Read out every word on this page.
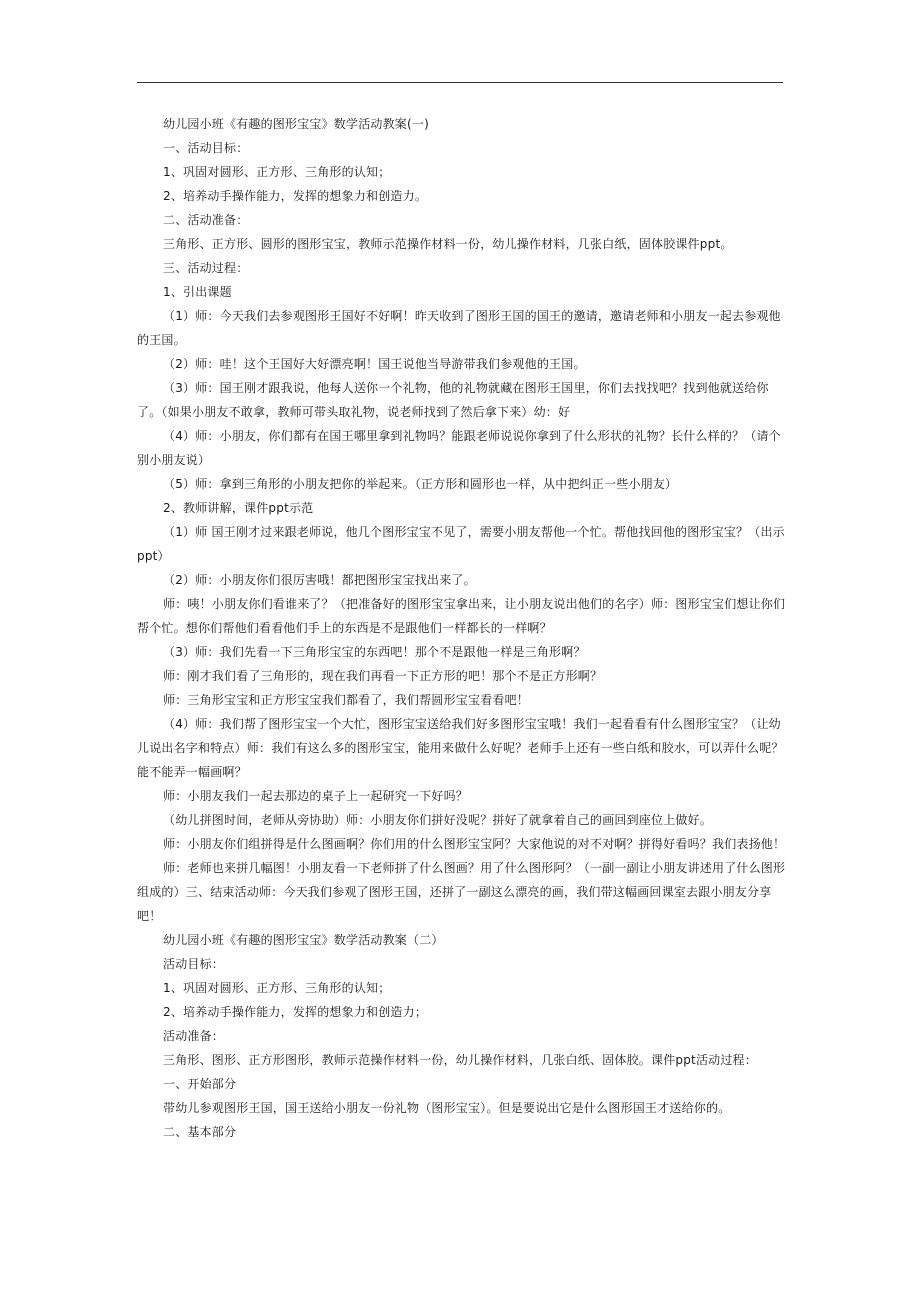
幼儿园小班《有趣的图形宝宝》数学活动教案(一)

一、活动目标：

1、巩固对圆形、正方形、三角形的认知；

2、培养动手操作能力，发挥的想象力和创造力。

二、活动准备：

三角形、正方形、圆形的图形宝宝，教师示范操作材料一份，幼儿操作材料，几张白纸，固体胶课件ppt。

三、活动过程：

1、引出课题

（1）师：今天我们去参观图形王国好不好啊！昨天收到了图形王国的国王的邀请，邀请老师和小朋友一起去参观他的王国。

（2）师：哇！这个王国好大好漂亮啊！国王说他当导游带我们参观他的王国。

（3）师：国王刚才跟我说，他每人送你一个礼物，他的礼物就藏在图形王国里，你们去找找吧？找到他就送给你了。（如果小朋友不敢拿，教师可带头取礼物，说老师找到了然后拿下来）幼：好

（4）师：小朋友，你们都有在国王哪里拿到礼物吗？能跟老师说说你拿到了什么形状的礼物？长什么样的？（请个别小朋友说）

（5）师：拿到三角形的小朋友把你的举起来。（正方形和圆形也一样，从中把纠正一些小朋友）

2、教师讲解，课件ppt示范

（1）师 国王刚才过来跟老师说，他几个图形宝宝不见了，需要小朋友帮他一个忙。帮他找回他的图形宝宝？（出示ppt）

（2）师：小朋友你们很厉害哦！都把图形宝宝找出来了。

师：咦！小朋友你们看谁来了？（把准备好的图形宝宝拿出来，让小朋友说出他们的名字）师：图形宝宝们想让你们帮个忙。想你们帮他们看看他们手上的东西是不是跟他们一样都长的一样啊？

（3）师：我们先看一下三角形宝宝的东西吧！那个不是跟他一样是三角形啊？

师：刚才我们看了三角形的，现在我们再看一下正方形的吧！那个不是正方形啊？

师：三角形宝宝和正方形宝宝我们都看了，我们帮圆形宝宝看看吧！

（4）师：我们帮了图形宝宝一个大忙，图形宝宝送给我们好多图形宝宝哦！我们一起看看有什么图形宝宝？（让幼儿说出名字和特点）师：我们有这么多的图形宝宝，能用来做什么好呢？老师手上还有一些白纸和胶水，可以弄什么呢？能不能弄一幅画啊？

师：小朋友我们一起去那边的桌子上一起研究一下好吗？

（幼儿拼图时间，老师从旁协助）师：小朋友你们拼好没呢？拼好了就拿着自己的画回到座位上做好。

师：小朋友你们组拼得是什么图画啊？你们用的什么图形宝宝阿？大家他说的对不对啊？拼得好看吗？我们表扬他！

师：老师也来拼几幅图！小朋友看一下老师拼了什么图画？用了什么图形阿？（一副一副让小朋友讲述用了什么图形组成的）三、结束活动师：今天我们参观了图形王国，还拼了一副这么漂亮的画，我们带这幅画回课室去跟小朋友分享吧！

幼儿园小班《有趣的图形宝宝》数学活动教案（二）

活动目标：

1、巩固对圆形、正方形、三角形的认知；

2、培养动手操作能力，发挥的想象力和创造力；

活动准备：

三角形、图形、正方形图形，教师示范操作材料一份，幼儿操作材料，几张白纸、固体胶。课件ppt活动过程：

一、开始部分

带幼儿参观图形王国，国王送给小朋友一份礼物（图形宝宝）。但是要说出它是什么图形国王才送给你的。

二、基本部分
